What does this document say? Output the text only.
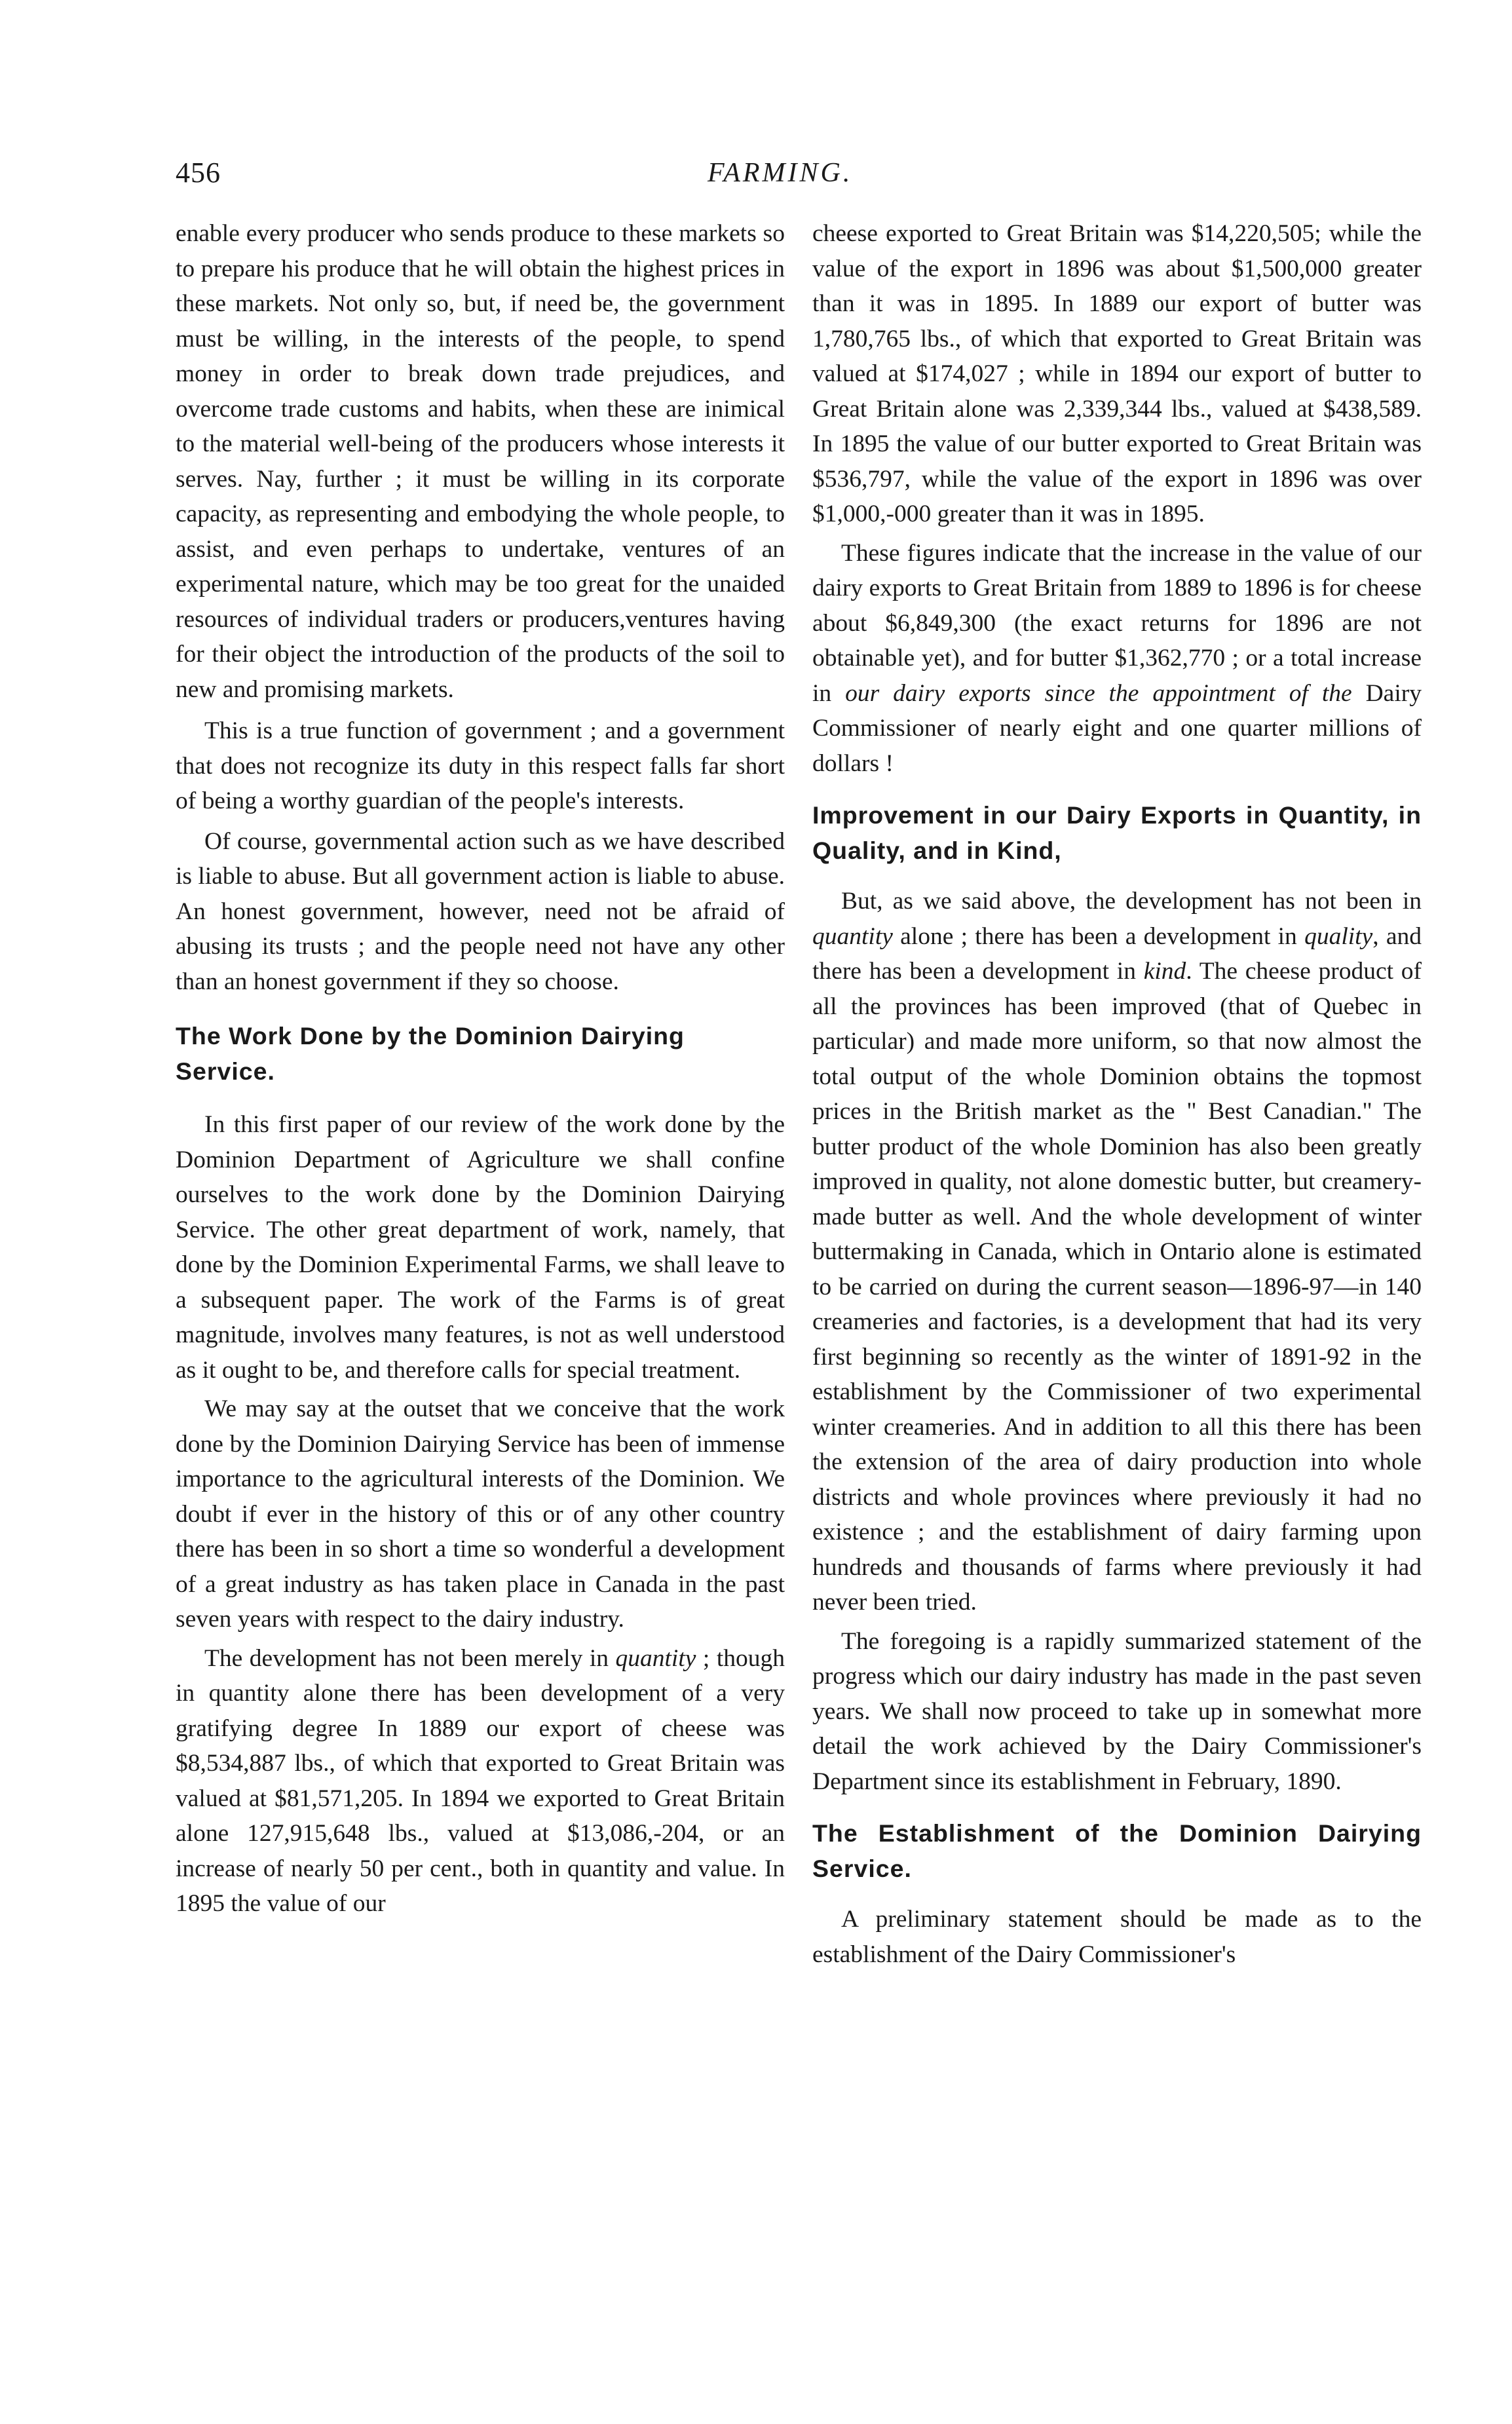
456	FARMING.

enable every producer who sends produce to these markets so to prepare his produce that he will obtain the highest prices in these markets. Not only so, but, if need be, the government must be willing, in the interests of the people, to spend money in order to break down trade prejudices, and overcome trade customs and habits, when these are inimical to the material well-being of the producers whose interests it serves. Nay, further ; it must be willing in its corporate capacity, as representing and embodying the whole people, to assist, and even perhaps to undertake, ventures of an experimental nature, which may be too great for the unaided resources of individual traders or producers,ventures having for their object the introduction of the products of the soil to new and promising markets.

This is a true function of government ; and a government that does not recognize its duty in this respect falls far short of being a worthy guardian of the people's interests.

Of course, governmental action such as we have described is liable to abuse. But all government action is liable to abuse. An honest government, however, need not be afraid of abusing its trusts ; and the people need not have any other than an honest government if they so choose.

The Work Done by the Dominion Dairying Service.

In this first paper of our review of the work done by the Dominion Department of Agriculture we shall confine ourselves to the work done by the Dominion Dairying Service. The other great department of work, namely, that done by the Dominion Experimental Farms, we shall leave to a subsequent paper. The work of the Farms is of great magnitude, involves many features, is not as well understood as it ought to be, and therefore calls for special treatment.

We may say at the outset that we conceive that the work done by the Dominion Dairying Service has been of immense importance to the agricultural interests of the Dominion. We doubt if ever in the history of this or of any other country there has been in so short a time so wonderful a development of a great industry as has taken place in Canada in the past seven years with respect to the dairy industry.

The development has not been merely in quantity ; though in quantity alone there has been development of a very gratifying degree In 1889 our export of cheese was $8,534,887 lbs., of which that exported to Great Britain was valued at $81,571,205. In 1894 we exported to Great Britain alone 127,915,648 lbs., valued at $13,086,-204, or an increase of nearly 50 per cent., both in quantity and value. In 1895 the value of our

cheese exported to Great Britain was $14,220,505; while the value of the export in 1896 was about $1,500,000 greater than it was in 1895. In 1889 our export of butter was 1,780,765 lbs., of which that exported to Great Britain was valued at $174,027 ; while in 1894 our export of butter to Great Britain alone was 2,339,344 lbs., valued at $438,589. In 1895 the value of our butter exported to Great Britain was $536,797, while the value of the export in 1896 was over $1,000,-000 greater than it was in 1895.

These figures indicate that the increase in the value of our dairy exports to Great Britain from 1889 to 1896 is for cheese about $6,849,300 (the exact returns for 1896 are not obtainable yet), and for butter $1,362,770 ; or a total increase in our dairy exports since the appointment of the Dairy Commissioner of nearly eight and one quarter millions of dollars !

Improvement in our Dairy Exports in Quantity, in Quality, and in Kind,

But, as we said above, the development has not been in quantity alone ; there has been a development in quality, and there has been a development in kind. The cheese product of all the provinces has been improved (that of Quebec in particular) and made more uniform, so that now almost the total output of the whole Dominion obtains the topmost prices in the British market as the " Best Canadian." The butter product of the whole Dominion has also been greatly improved in quality, not alone domestic butter, but creamery-made butter as well. And the whole development of winter buttermaking in Canada, which in Ontario alone is estimated to be carried on during the current season—1896-97—in 140 creameries and factories, is a development that had its very first beginning so recently as the winter of 1891-92 in the establishment by the Commissioner of two experimental winter creameries. And in addition to all this there has been the extension of the area of dairy production into whole districts and whole provinces where previously it had no existence ; and the establishment of dairy farming upon hundreds and thousands of farms where previously it had never been tried.

The foregoing is a rapidly summarized statement of the progress which our dairy industry has made in the past seven years. We shall now proceed to take up in somewhat more detail the work achieved by the Dairy Commissioner's Department since its establishment in February, 1890.

The Establishment of the Dominion Dairying Service.

A preliminary statement should be made as to the establishment of the Dairy Commissioner's
